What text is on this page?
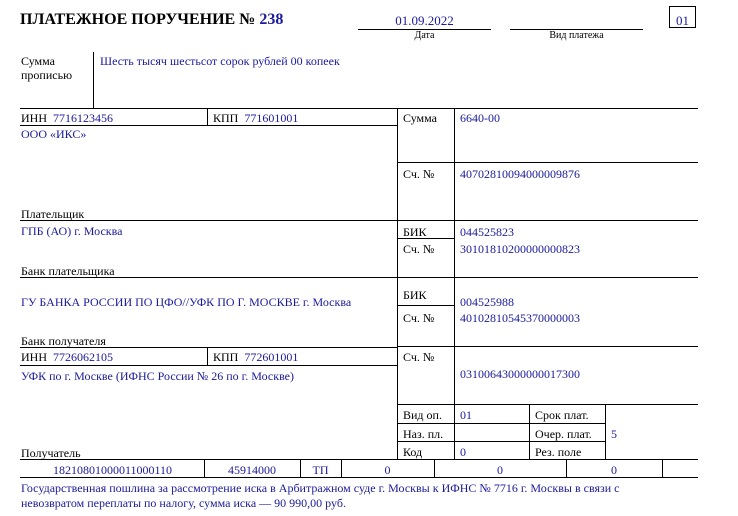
ПЛАТЕЖНОЕ ПОРУЧЕНИЕ № 238	01.09.2022
Дата	Вид платежа
01
Сумма
прописью
Шесть тысяч шестьсот сорок рублей 00 копеек
ИНН 7716123456	КПП 771601001
ООО «ИКС»
Плательщик
Сумма 6640-00
Сч. № 40702810094000009876
ГПБ (АО) г. Москва
Банк плательщика
БИК	044525823
Сч. № 30101810200000000823
ГУ БАНКА РОССИИ ПО ЦФО//УФК ПО Г. МОСКВЕ г. Москва
Банк получателя
БИК	004525988
Сч. № 40102810545370000003
ИНН 7726062105	КПП 772601001
УФК по г. Москве (ИФНС России № 26 по г. Москве)
Получатель
Сч. №
03100643000000017300
Вид оп. 01	Срок плат.
Наз. пл.	Очер. плат. 5
Код	0	Рез. поле
18210801000011000110	45914000	ТП	0	0	0
Государственная пошлина за рассмотрение иска в Арбитражном суде г. Москвы к ИФНС № 7716 г. Москвы в связи с
невозвратом переплаты по налогу, сумма иска — 90 990,00 руб.
